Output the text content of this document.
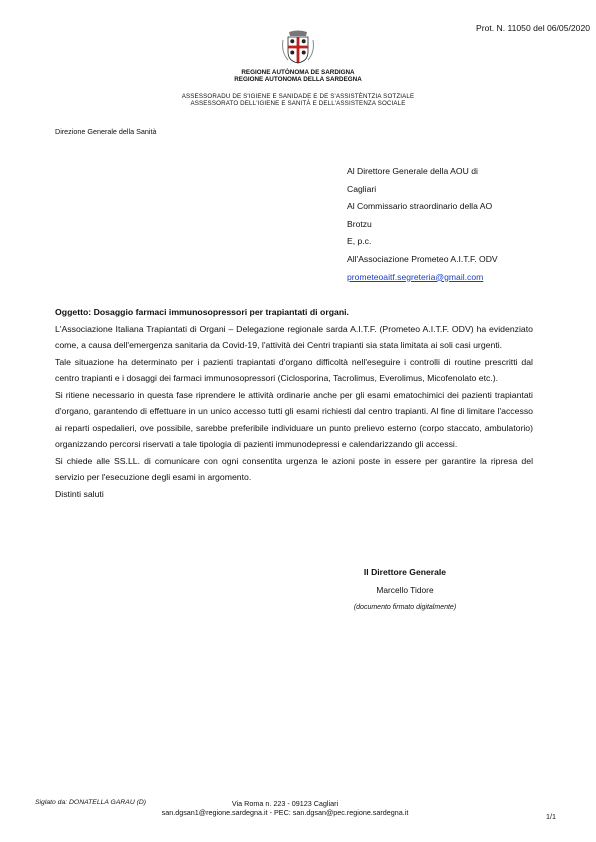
Prot. N. 11050 del 06/05/2020
REGIONE AUTÒNOMA DE SARDIGNA
REGIONE AUTONOMA DELLA SARDEGNA
ASSESSORADU DE S'IGIENE E SANIDADE E DE S'ASSISTÈNTZIA SOTZIALE
ASSESSORATO DELL'IGIENE E SANITÀ E DELL'ASSISTENZA SOCIALE
Direzione Generale della Sanità
Al Direttore Generale della AOU di
Cagliari
Al Commissario straordinario della AO
Brotzu
E, p.c.
All'Associazione Prometeo A.I.T.F. ODV
prometeoaitf.segreteria@gmail.com

Oggetto: Dosaggio farmaci immunosopressori per trapiantati di organi.

L'Associazione Italiana Trapiantati di Organi – Delegazione regionale sarda A.I.T.F. (Prometeo A.I.T.F. ODV) ha evidenziato come, a causa dell'emergenza sanitaria da Covid-19, l'attività dei Centri trapianti sia stata limitata ai soli casi urgenti.

Tale situazione ha determinato per i pazienti trapiantati d'organo difficoltà nell'eseguire i controlli di routine prescritti dal centro trapianti e i dosaggi dei farmaci immunosopressori (Ciclosporina, Tacrolimus, Everolimus, Micofenolato etc.).

Si ritiene necessario in questa fase riprendere le attività ordinarie anche per gli esami ematochimici dei pazienti trapiantati d'organo, garantendo di effettuare in un unico accesso tutti gli esami richiesti dal centro trapianti. Al fine di limitare l'accesso ai reparti ospedalieri, ove possibile, sarebbe preferibile individuare un punto prelievo esterno (corpo staccato, ambulatorio) organizzando percorsi riservati a tale tipologia di pazienti immunodepressi e calendarizzando gli accessi.

Si chiede alle SS.LL. di comunicare con ogni consentita urgenza le azioni poste in essere per garantire la ripresa del servizio per l'esecuzione degli esami in argomento.

Distinti saluti

Il Direttore Generale
Marcello Tidore
(documento firmato digitalmente)
Siglato da: DONATELLA GARAU (D)	Via Roma n. 223 - 09123 Cagliari
san.dgsan1@regione.sardegna.it - PEC: san.dgsan@pec.regione.sardegna.it	1/1
